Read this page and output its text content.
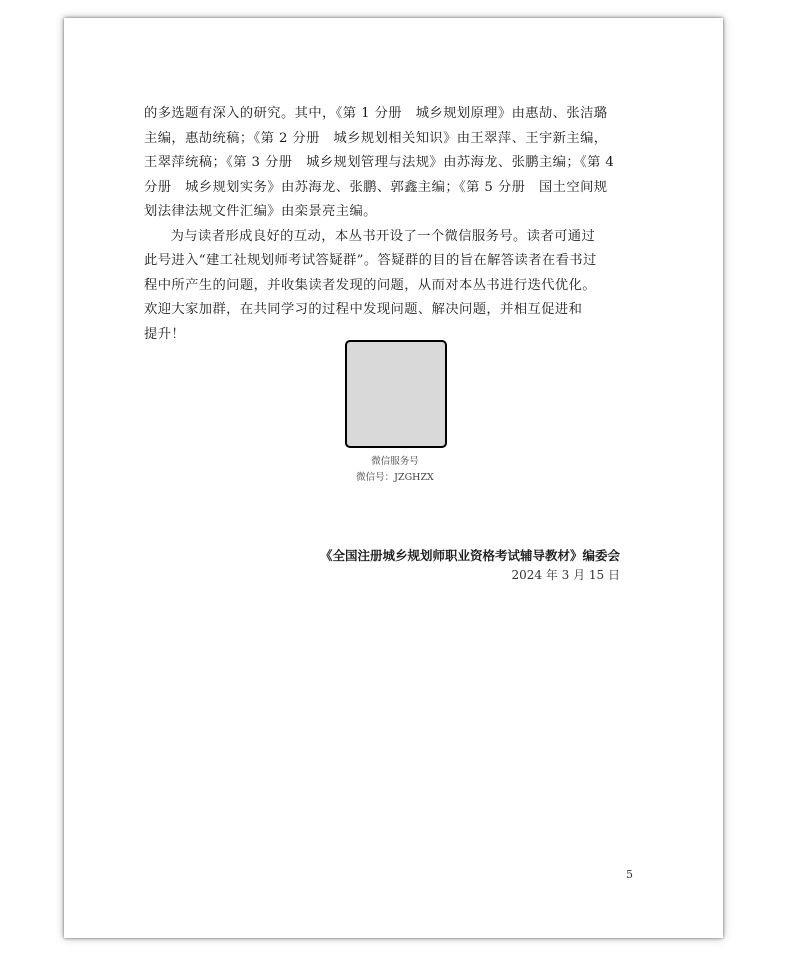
的多选题有深入的研究。其中，《第 1 分册　城乡规划原理》由惠劼、张洁璐
主编，惠劼统稿；《第 2 分册　城乡规划相关知识》由王翠萍、王宇新主编，
王翠萍统稿；《第 3 分册　城乡规划管理与法规》由苏海龙、张鹏主编；《第 4
分册　城乡规划实务》由苏海龙、张鹏、郭鑫主编；《第 5 分册　国土空间规
划法律法规文件汇编》由栾景亮主编。

为与读者形成良好的互动，本丛书开设了一个微信服务号。读者可通过
此号进入“建工社规划师考试答疑群”。答疑群的目的旨在解答读者在看书过
程中所产生的问题，并收集读者发现的问题，从而对本丛书进行迭代优化。
欢迎大家加群，在共同学习的过程中发现问题、解决问题，并相互促进和
提升！

微信服务号
微信号：JZGHZX
《全国注册城乡规划师职业资格考试辅导教材》编委会
2024 年 3 月 15 日
5
